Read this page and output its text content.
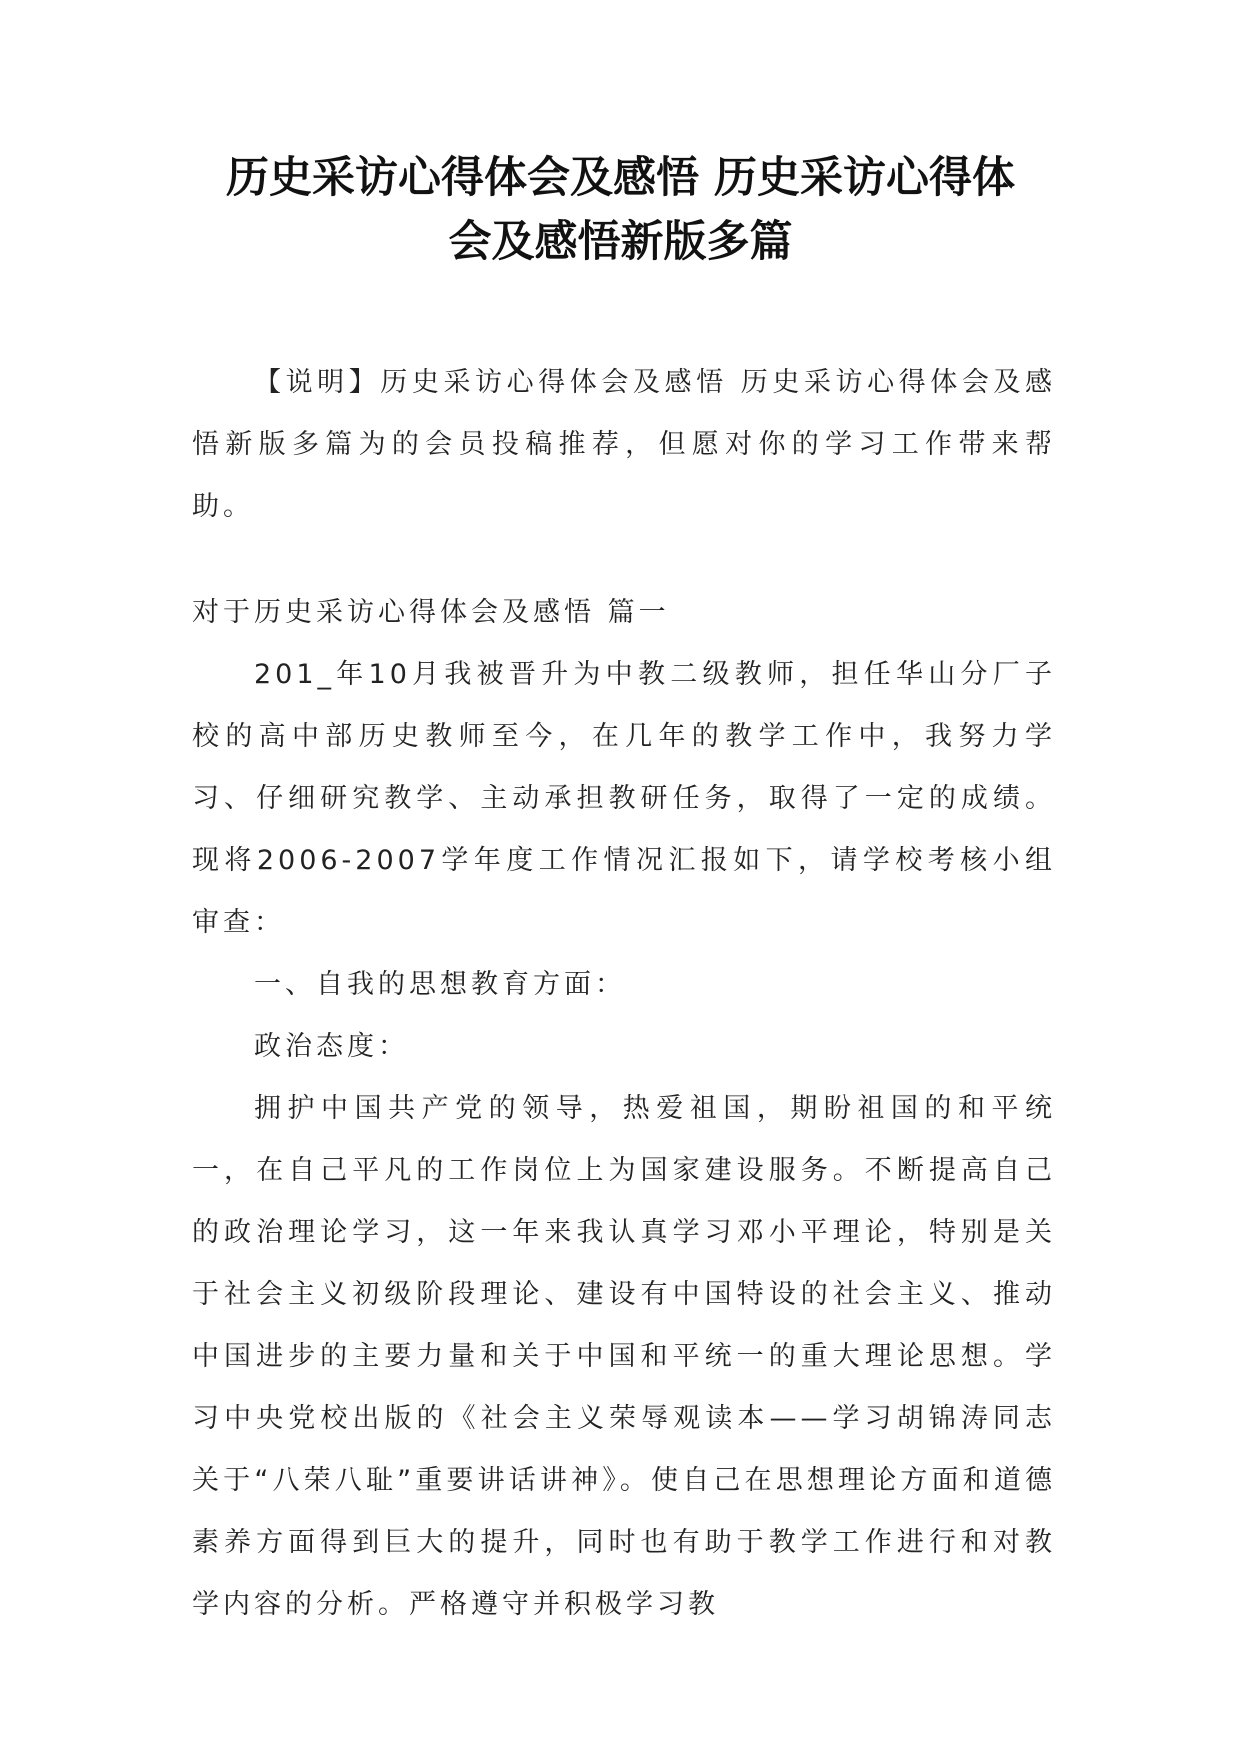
历史采访心得体会及感悟 历史采访心得体
会及感悟新版多篇

【说明】历史采访心得体会及感悟 历史采访心得体会及感悟新版多篇为的会员投稿推荐，但愿对你的学习工作带来帮助。

对于历史采访心得体会及感悟 篇一

201_年10月我被晋升为中教二级教师，担任华山分厂子校的高中部历史教师至今，在几年的教学工作中，我努力学习、仔细研究教学、主动承担教研任务，取得了一定的成绩。现将2006-2007学年度工作情况汇报如下，请学校考核小组审查：

一、自我的思想教育方面：

政治态度：

拥护中国共产党的领导，热爱祖国，期盼祖国的和平统一，在自己平凡的工作岗位上为国家建设服务。不断提高自己的政治理论学习，这一年来我认真学习邓小平理论，特别是关于社会主义初级阶段理论、建设有中国特设的社会主义、推动中国进步的主要力量和关于中国和平统一的重大理论思想。学习中央党校出版的《社会主义荣辱观读本——学习胡锦涛同志关于“八荣八耻”重要讲话讲神》。使自己在思想理论方面和道德素养方面得到巨大的提升，同时也有助于教学工作进行和对教学内容的分析。严格遵守并积极学习教
